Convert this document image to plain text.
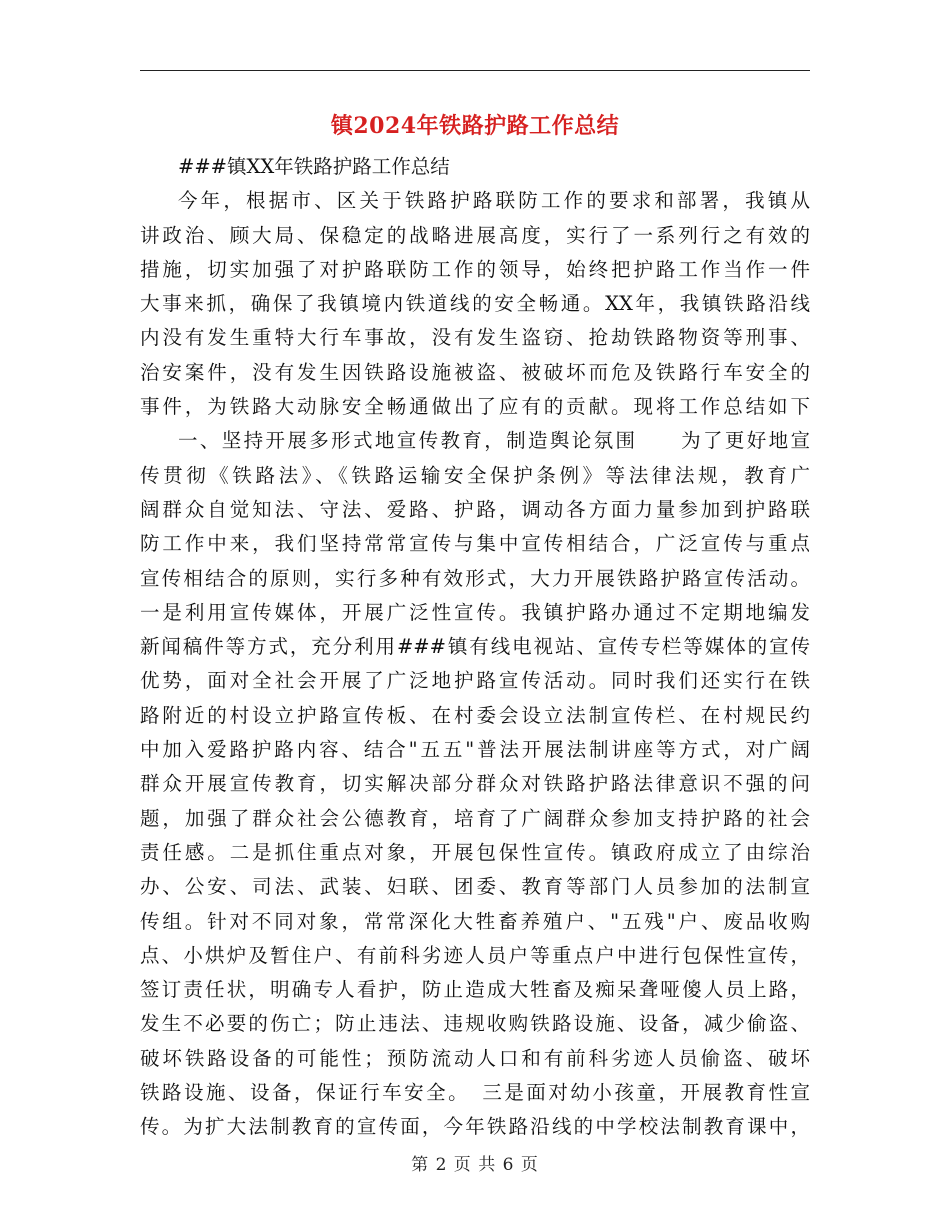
镇2024年铁路护路工作总结
###镇XX年铁路护路工作总结
今年，根据市、区关于铁路护路联防工作的要求和部署，我镇从
讲政治、顾大局、保稳定的战略进展高度，实行了一系列行之有效的
措施，切实加强了对护路联防工作的领导，始终把护路工作当作一件
大事来抓，确保了我镇境内铁道线的安全畅通。XX年，我镇铁路沿线
内没有发生重特大行车事故，没有发生盗窃、抢劫铁路物资等刑事、
治安案件，没有发生因铁路设施被盗、被破坏而危及铁路行车安全的
事件，为铁路大动脉安全畅通做出了应有的贡献。现将工作总结如下
一、坚持开展多形式地宣传教育，制造舆论氛围　　为了更好地宣
传贯彻《铁路法》、《铁路运输安全保护条例》等法律法规，教育广
阔群众自觉知法、守法、爱路、护路，调动各方面力量参加到护路联
防工作中来，我们坚持常常宣传与集中宣传相结合，广泛宣传与重点
宣传相结合的原则，实行多种有效形式，大力开展铁路护路宣传活动。
一是利用宣传媒体，开展广泛性宣传。我镇护路办通过不定期地编发
新闻稿件等方式，充分利用###镇有线电视站、宣传专栏等媒体的宣传
优势，面对全社会开展了广泛地护路宣传活动。同时我们还实行在铁
路附近的村设立护路宣传板、在村委会设立法制宣传栏、在村规民约
中加入爱路护路内容、结合"五五"普法开展法制讲座等方式，对广阔
群众开展宣传教育，切实解决部分群众对铁路护路法律意识不强的问
题，加强了群众社会公德教育，培育了广阔群众参加支持护路的社会
责任感。二是抓住重点对象，开展包保性宣传。镇政府成立了由综治
办、公安、司法、武装、妇联、团委、教育等部门人员参加的法制宣
传组。针对不同对象，常常深化大牲畜养殖户、"五残"户、废品收购
点、小烘炉及暂住户、有前科劣迹人员户等重点户中进行包保性宣传，
签订责任状，明确专人看护，防止造成大牲畜及痴呆聋哑傻人员上路，
发生不必要的伤亡；防止违法、违规收购铁路设施、设备，减少偷盗、
破坏铁路设备的可能性；预防流动人口和有前科劣迹人员偷盗、破坏
铁路设施、设备，保证行车安全。　三是面对幼小孩童，开展教育性宣
传。为扩大法制教育的宣传面，今年铁路沿线的中学校法制教育课中，
第 2 页 共 6 页
